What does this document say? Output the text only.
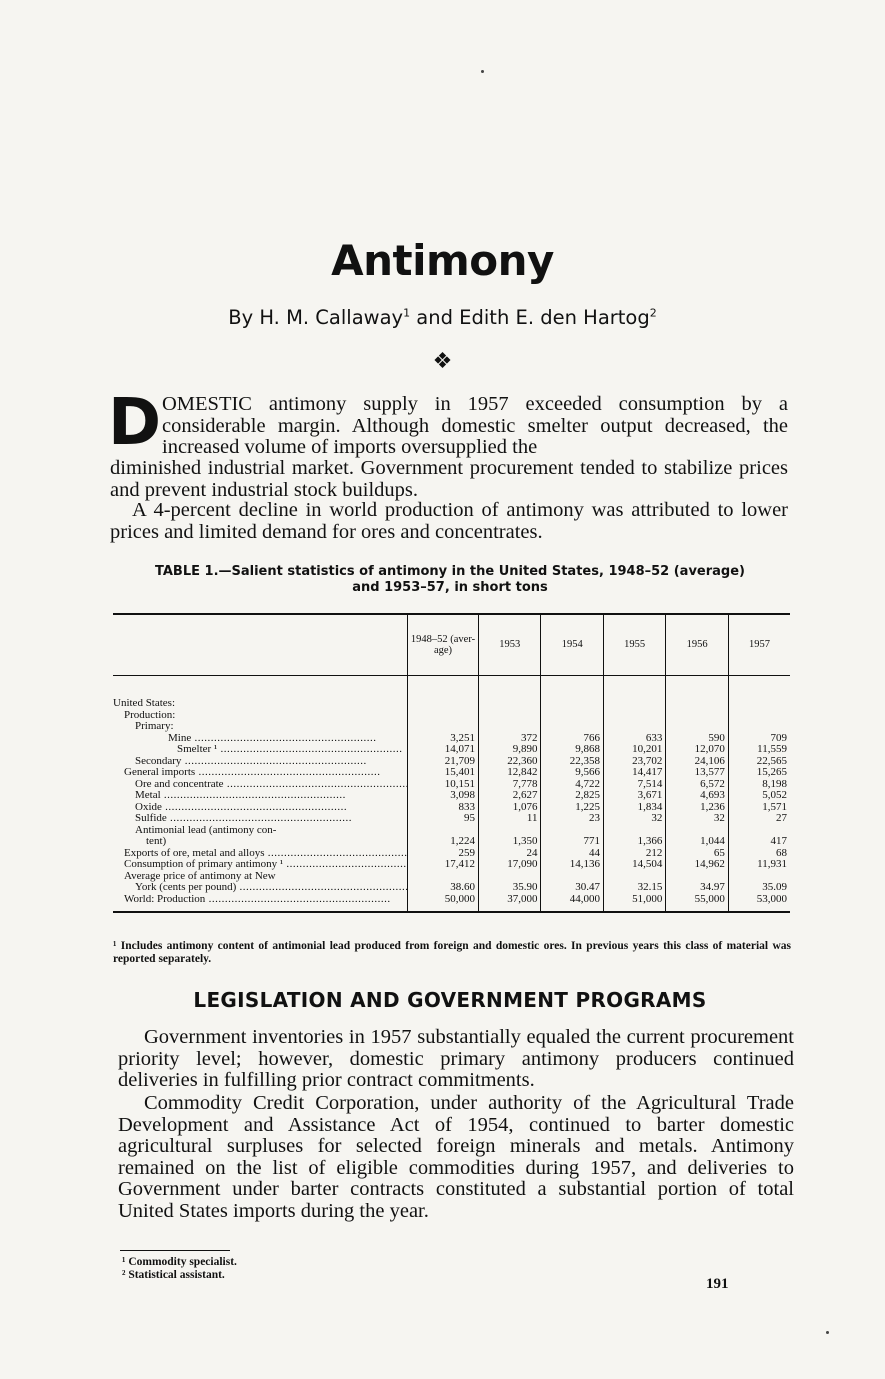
Antimony
By H. M. Callaway$^1$ and Edith E. den Hartog$^2$
❖
D OMESTIC antimony supply in 1957 exceeded consumption by a considerable margin. Although domestic smelter output decreased, the increased volume of imports oversupplied the
diminished industrial market. Government procurement tended to stabilize prices and prevent industrial stock buildups.
A 4-percent decline in world production of antimony was attributed to lower prices and limited demand for ores and concentrates.
TABLE 1.—Salient statistics of antimony in the United States, 1948–52 (average)
and 1953–57, in short tons
	1948–52 (aver-age)	1953	1954	1955	1956	1957
United States:						
Production:						
Primary:						
Mine .....	3,251	372	766	633	590	709
Smelter ¹ .....	14,071	9,890	9,868	10,201	12,070	11,559
Secondary .....	21,709	22,360	22,358	23,702	24,106	22,565
General imports .....	15,401	12,842	9,566	14,417	13,577	15,265
Ore and concentrate .....	10,151	7,778	4,722	7,514	6,572	8,198
Metal .....	3,098	2,627	2,825	3,671	4,693	5,052
Oxide .....	833	1,076	1,225	1,834	1,236	1,571
Sulfide .....	95	11	23	32	32	27
Antimonial lead (antimony con-						
tent)	1,224	1,350	771	1,366	1,044	417
Exports of ore, metal and alloys .....	259	24	44	212	65	68
Consumption of primary antimony ¹ .....	17,412	17,090	14,136	14,504	14,962	11,931
Average price of antimony at New						
York (cents per pound) .....	38.60	35.90	30.47	32.15	34.97	35.09
World: Production .....	50,000	37,000	44,000	51,000	55,000	53,000
¹ Includes antimony content of antimonial lead produced from foreign and domestic ores. In previous years this class of material was reported separately.
LEGISLATION AND GOVERNMENT PROGRAMS
Government inventories in 1957 substantially equaled the current procurement priority level; however, domestic primary antimony producers continued deliveries in fulfilling prior contract commitments.
Commodity Credit Corporation, under authority of the Agricultural Trade Development and Assistance Act of 1954, continued to barter domestic agricultural surpluses for selected foreign minerals and metals. Antimony remained on the list of eligible commodities during 1957, and deliveries to Government under barter contracts constituted a substantial portion of total United States imports during the year.
¹ Commodity specialist.
² Statistical assistant.
191
